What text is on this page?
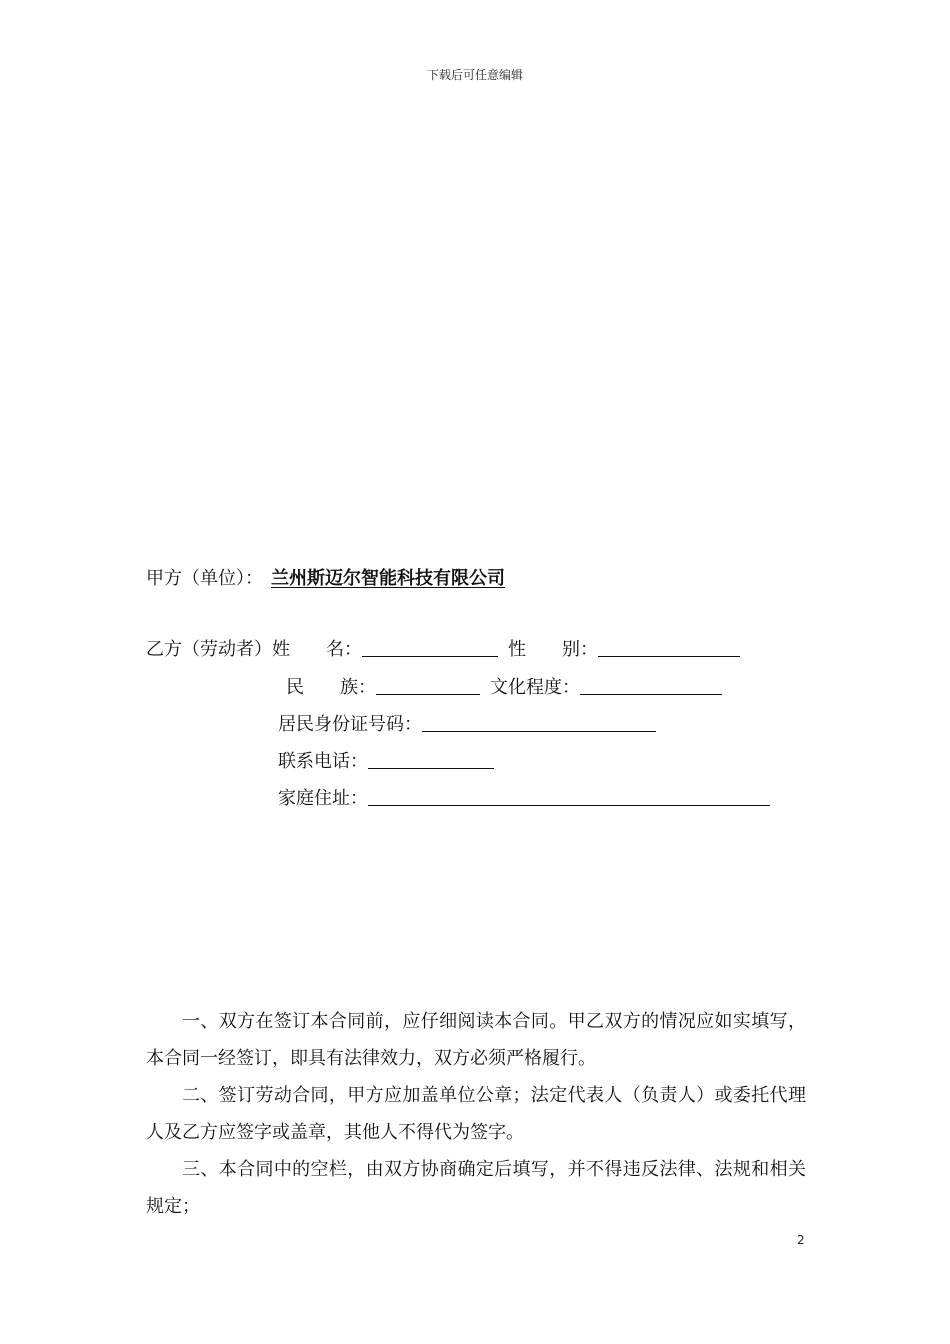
下载后可任意编辑
甲方（单位）： 兰州斯迈尔智能科技有限公司
乙方（劳动者）姓　　名：	性　　别：
民　　族：	文化程度：
居民身份证号码：
联系电话：
家庭住址：

一、双方在签订本合同前，应仔细阅读本合同。甲乙双方的情况应如实填写，本合同一经签订，即具有法律效力，双方必须严格履行。

二、签订劳动合同，甲方应加盖单位公章；法定代表人（负责人）或委托代理人及乙方应签字或盖章，其他人不得代为签字。

三、本合同中的空栏，由双方协商确定后填写，并不得违反法律、法规和相关规定；

2
